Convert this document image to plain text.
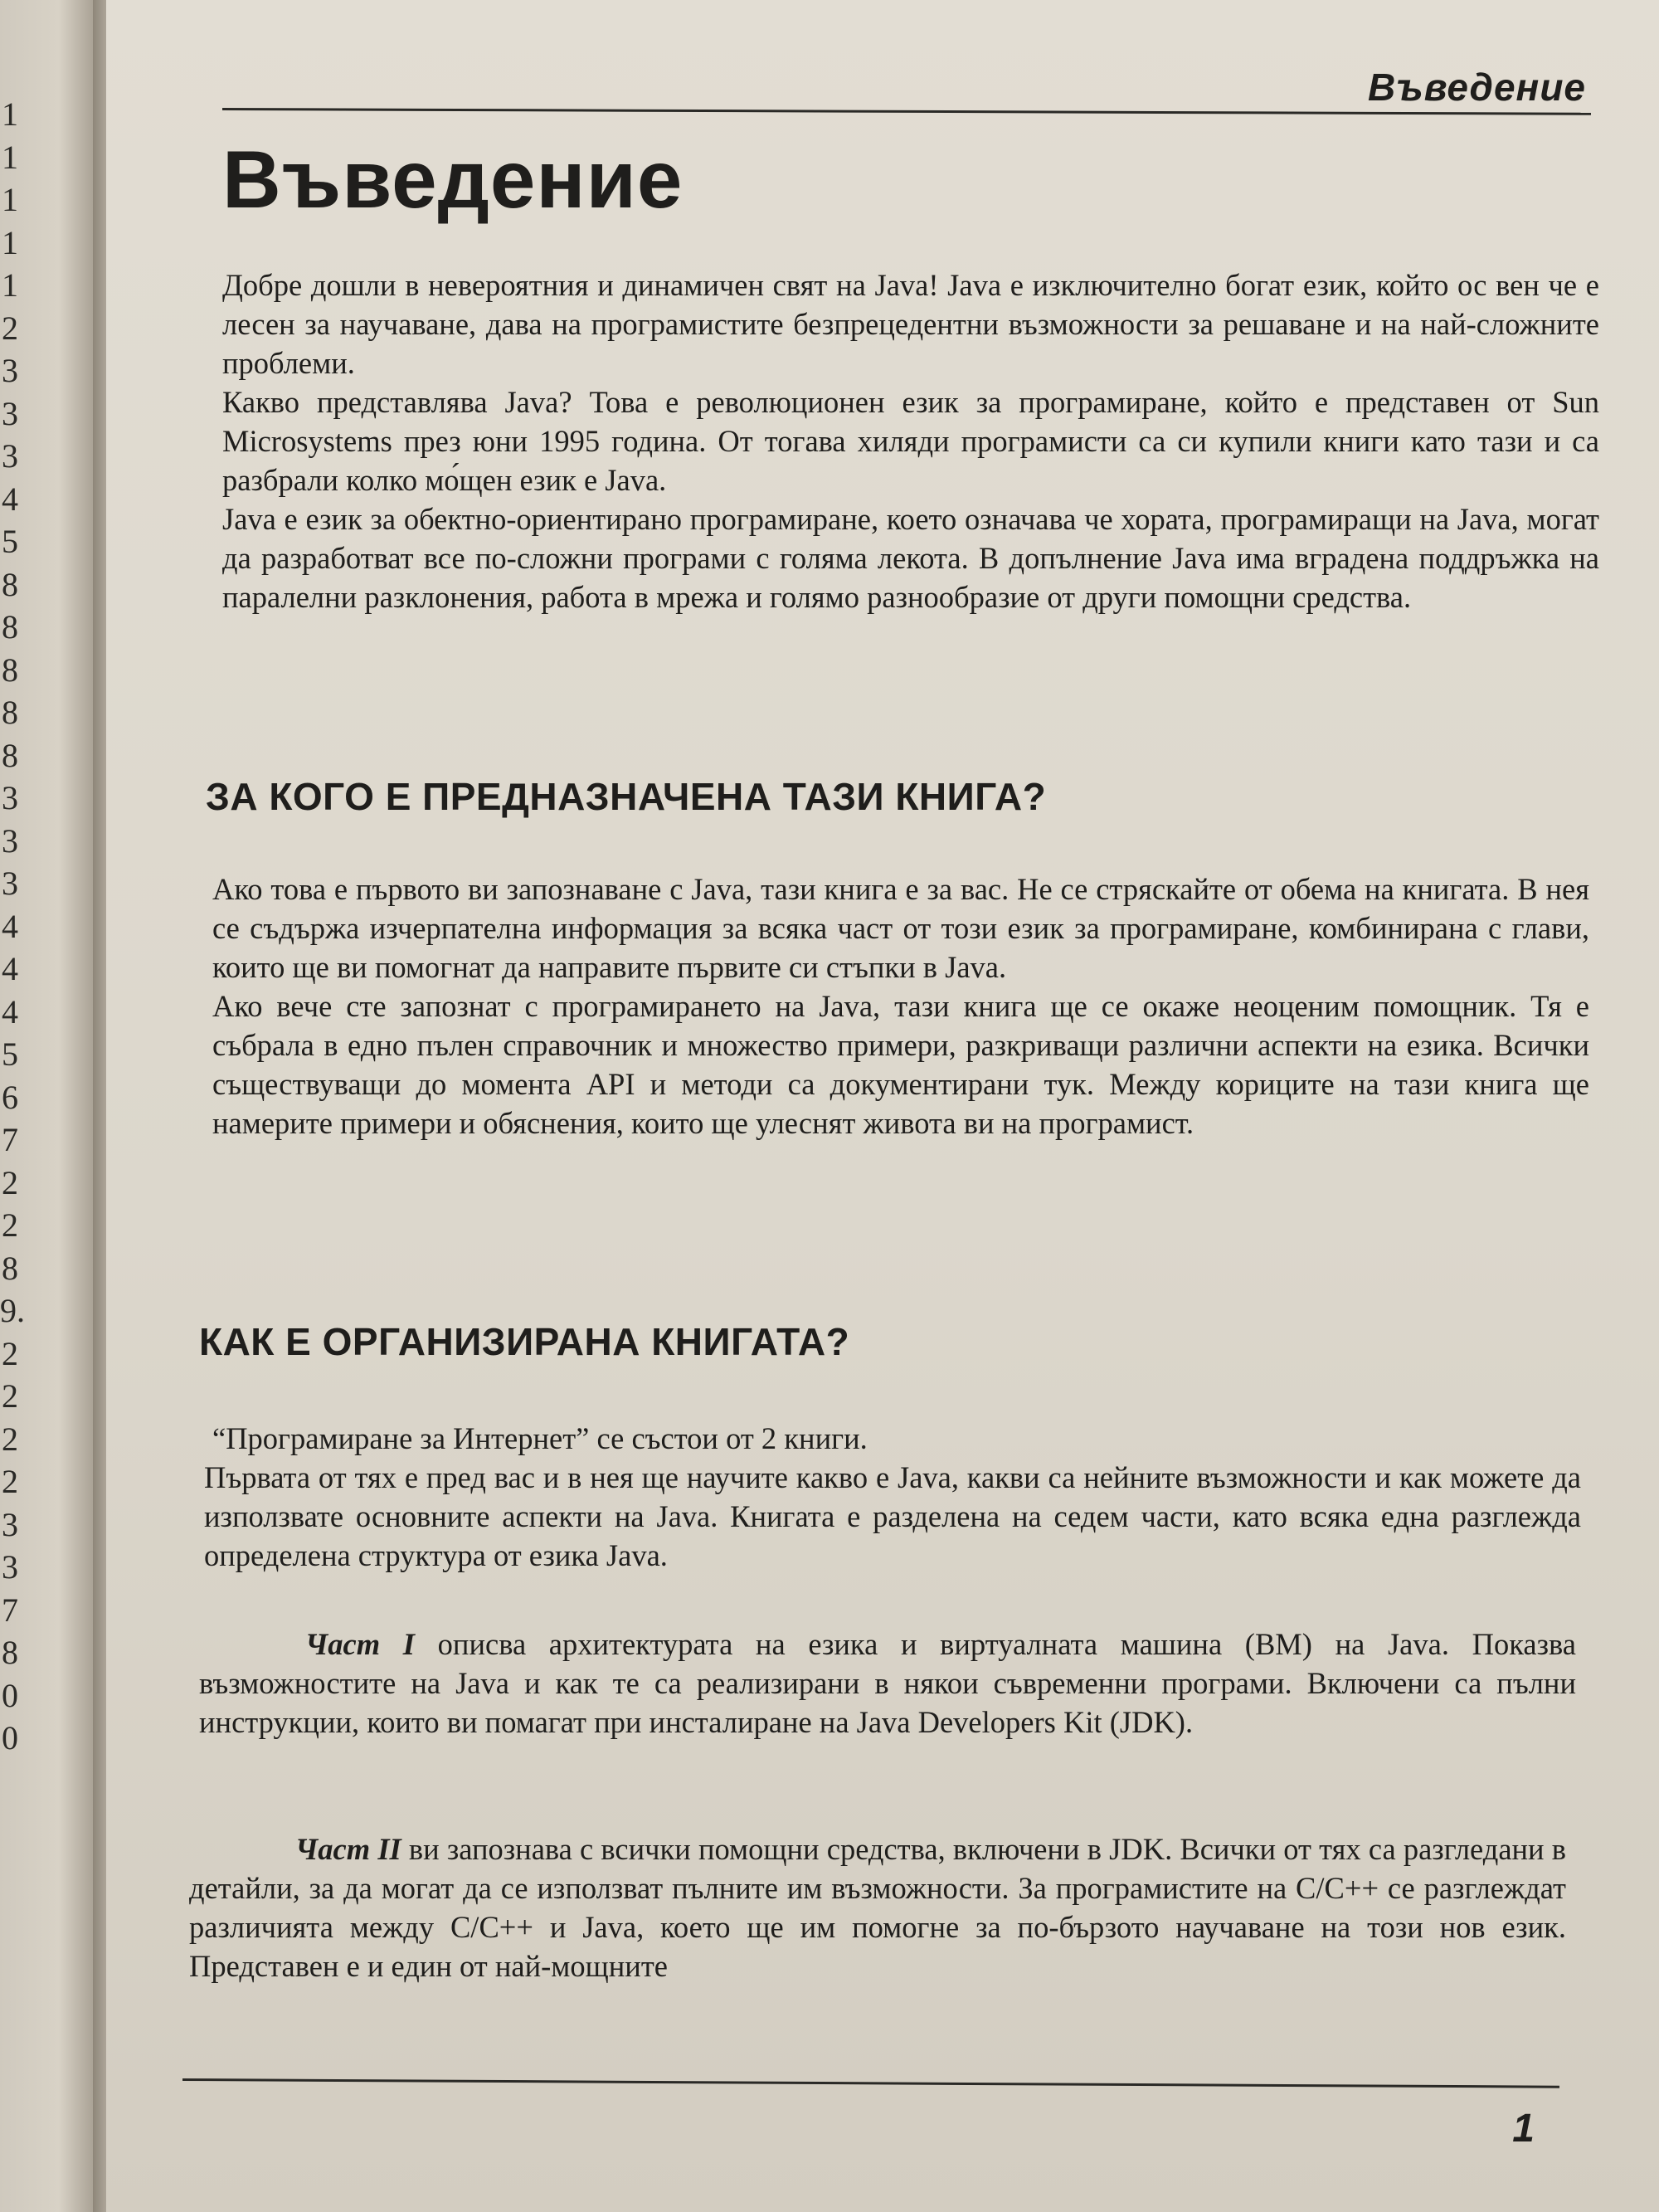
1
1
1
1
1
2
3
3
3
4
5
8
8
8
8
8
3
3
3
4
4
4
5
6
7
2
2
8
9.
2
2
2
2
3
3
7
8
0
0
Въведение
Въведение

Добре дошли в невероятния и динамичен свят на Java! Java е изключително богат език, който ос вен че е лесен за научаване, дава на програмистите безпрецедентни възможности за решаване и на най-сложните проблеми.

Какво представлява Java? Това е революционен език за програмиране, който е представен от Sun Microsystems през юни 1995 година. От тогава хиляди програмисти са си купили книги като тази и са разбрали колко мо́щен език е Java.

Java е език за обектно-ориентирано програмиране, което означава че хората, програмиращи на Java, могат да разработват все по-сложни програми с голяма лекота. В допълнение Java има вградена поддръжка на паралелни разклонения, работа в мрежа и голямо разнообразие от други помощни средства.

ЗА КОГО Е ПРЕДНАЗНАЧЕНА ТАЗИ КНИГА?

Ако това е първото ви запознаване с Java, тази книга е за вас. Не се стряскайте от обема на книгата. В нея се съдържа изчерпателна информация за всяка част от този език за програмиране, комбинирана с глави, които ще ви помогнат да направите първите си стъпки в Java.

Ако вече сте запознат с програмирането на Java, тази книга ще се окаже неоценим помощник. Тя е събрала в едно пълен справочник и множество примери, разкриващи различни аспекти на езика. Всички съществуващи до момента API и методи са документирани тук. Между кориците на тази книга ще намерите примери и обяснения, които ще улеснят живота ви на програмист.

КАК Е ОРГАНИЗИРАНА КНИГАТА?

“Програмиране за Интернет” се състои от 2 книги.

Първата от тях е пред вас и в нея ще научите какво е Java, какви са нейните възможности и как можете да използвате основните аспекти на Java. Книгата е разделена на седем части, като всяка една разглежда определена структура от езика Java.

Част I описва архитектурата на езика и виртуалната машина (ВМ) на Java. Показва възможностите на Java и как те са реализирани в някои съвременни програми. Включени са пълни инструкции, които ви помагат при инсталиране на Java Developers Kit (JDK).

Част II ви запознава с всички помощни средства, включени в JDK. Всички от тях са разгледани в детайли, за да могат да се използват пълните им възможности. За програмистите на C/C++ се разглеждат различията между C/C++ и Java, което ще им помогне за по-бързото научаване на този нов език. Представен е и един от най-мощните

1
